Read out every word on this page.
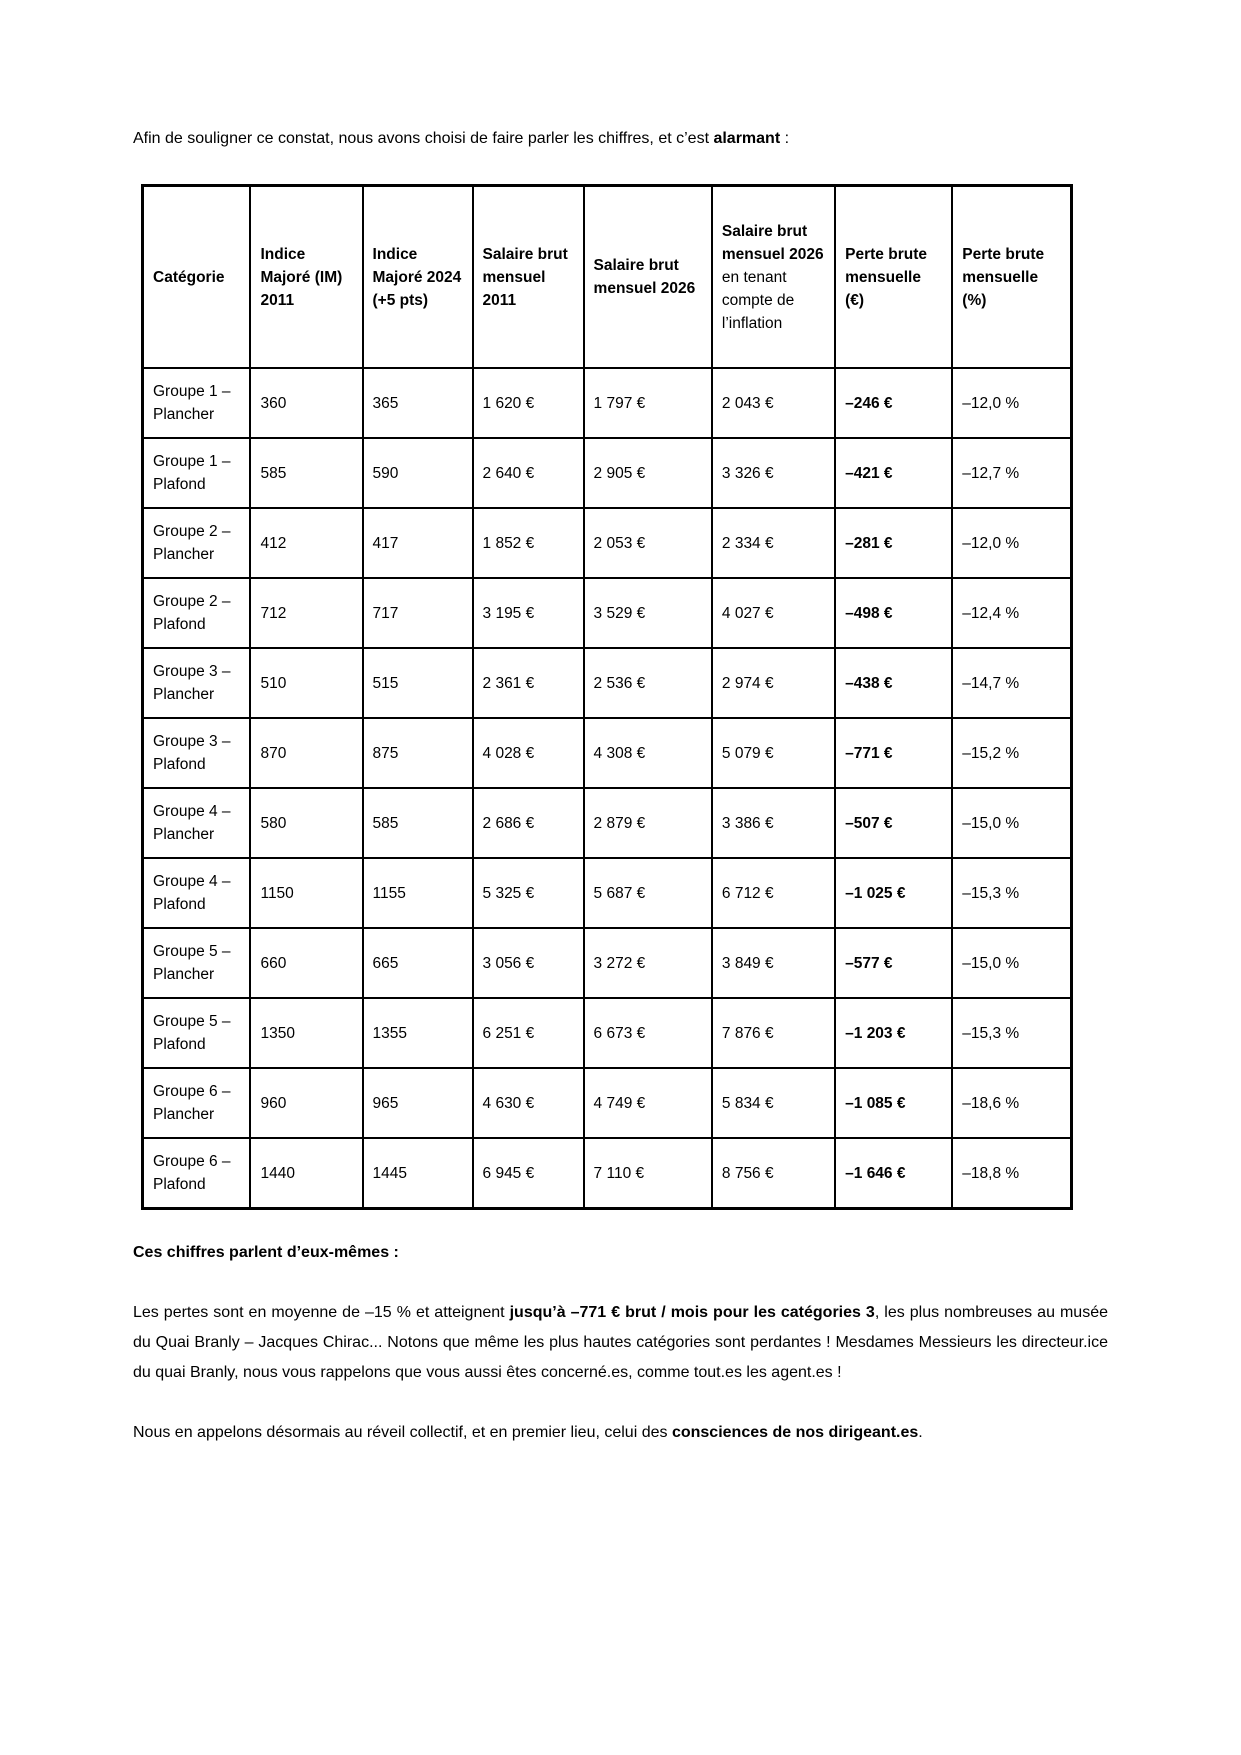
Afin de souligner ce constat, nous avons choisi de faire parler les chiffres, et c’est alarmant :

Catégorie	Indice Majoré (IM) 2011	Indice Majoré 2024 (+5 pts)	Salaire brut mensuel 2011	Salaire brut mensuel 2026	Salaire brut mensuel 2026
en tenant compte de l’inflation	Perte brute mensuelle (€)	Perte brute mensuelle (%)
Groupe 1 – Plancher	360	365	1 620 €	1 797 €	2 043 €	–246 €	–12,0 %
Groupe 1 – Plafond	585	590	2 640 €	2 905 €	3 326 €	–421 €	–12,7 %
Groupe 2 – Plancher	412	417	1 852 €	2 053 €	2 334 €	–281 €	–12,0 %
Groupe 2 – Plafond	712	717	3 195 €	3 529 €	4 027 €	–498 €	–12,4 %
Groupe 3 – Plancher	510	515	2 361 €	2 536 €	2 974 €	–438 €	–14,7 %
Groupe 3 – Plafond	870	875	4 028 €	4 308 €	5 079 €	–771 €	–15,2 %
Groupe 4 – Plancher	580	585	2 686 €	2 879 €	3 386 €	–507 €	–15,0 %
Groupe 4 – Plafond	1150	1155	5 325 €	5 687 €	6 712 €	–1 025 €	–15,3 %
Groupe 5 – Plancher	660	665	3 056 €	3 272 €	3 849 €	–577 €	–15,0 %
Groupe 5 – Plafond	1350	1355	6 251 €	6 673 €	7 876 €	–1 203 €	–15,3 %
Groupe 6 – Plancher	960	965	4 630 €	4 749 €	5 834 €	–1 085 €	–18,6 %
Groupe 6 – Plafond	1440	1445	6 945 €	7 110 €	8 756 €	–1 646 €	–18,8 %

Ces chiffres parlent d’eux-mêmes :

Les pertes sont en moyenne de –15 % et atteignent jusqu’à –771 € brut / mois pour les catégories 3, les plus nombreuses au musée du Quai Branly – Jacques Chirac... Notons que même les plus hautes catégories sont perdantes ! Mesdames Messieurs les directeur.ice du quai Branly, nous vous rappelons que vous aussi êtes concerné.es, comme tout.es les agent.es !

Nous en appelons désormais au réveil collectif, et en premier lieu, celui des consciences de nos dirigeant.es.
